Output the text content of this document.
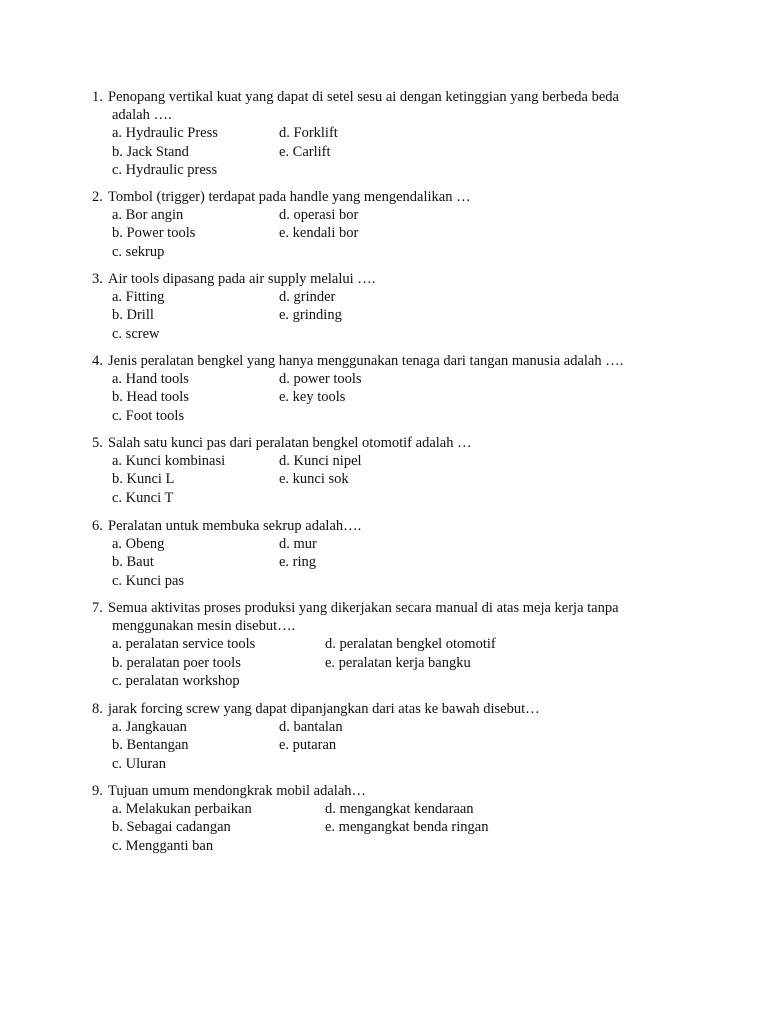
1. Penopang vertikal kuat yang dapat di setel sesu ai dengan ketinggian yang berbeda beda
adalah ….
a. Hydraulic Press	d. Forklift
b. Jack Stand	e. Carlift
c. Hydraulic press
2. Tombol (trigger) terdapat pada handle yang mengendalikan …
a. Bor angin	d. operasi bor
b. Power tools	e. kendali bor
c. sekrup
3. Air tools dipasang pada air supply melalui ….
a. Fitting	d. grinder
b. Drill	e. grinding
c. screw
4. Jenis peralatan bengkel yang hanya menggunakan tenaga dari tangan manusia adalah ….
a. Hand tools	d. power tools
b. Head tools	e. key tools
c. Foot tools
5. Salah satu kunci pas dari peralatan bengkel otomotif adalah …
a. Kunci kombinasi	d. Kunci nipel
b. Kunci L	e. kunci sok
c. Kunci T
6. Peralatan untuk membuka sekrup adalah….
a. Obeng	d. mur
b. Baut	e. ring
c. Kunci pas
7. Semua aktivitas proses produksi yang dikerjakan secara manual di atas meja kerja tanpa
menggunakan mesin disebut….
a. peralatan service tools	d. peralatan bengkel otomotif
b. peralatan poer tools	e. peralatan kerja bangku
c. peralatan workshop
8. jarak forcing screw yang dapat dipanjangkan dari atas ke bawah disebut…
a. Jangkauan	d. bantalan
b. Bentangan	e. putaran
c. Uluran
9. Tujuan umum mendongkrak mobil adalah…
a. Melakukan perbaikan	d. mengangkat kendaraan
b. Sebagai cadangan	e. mengangkat benda ringan
c. Mengganti ban
